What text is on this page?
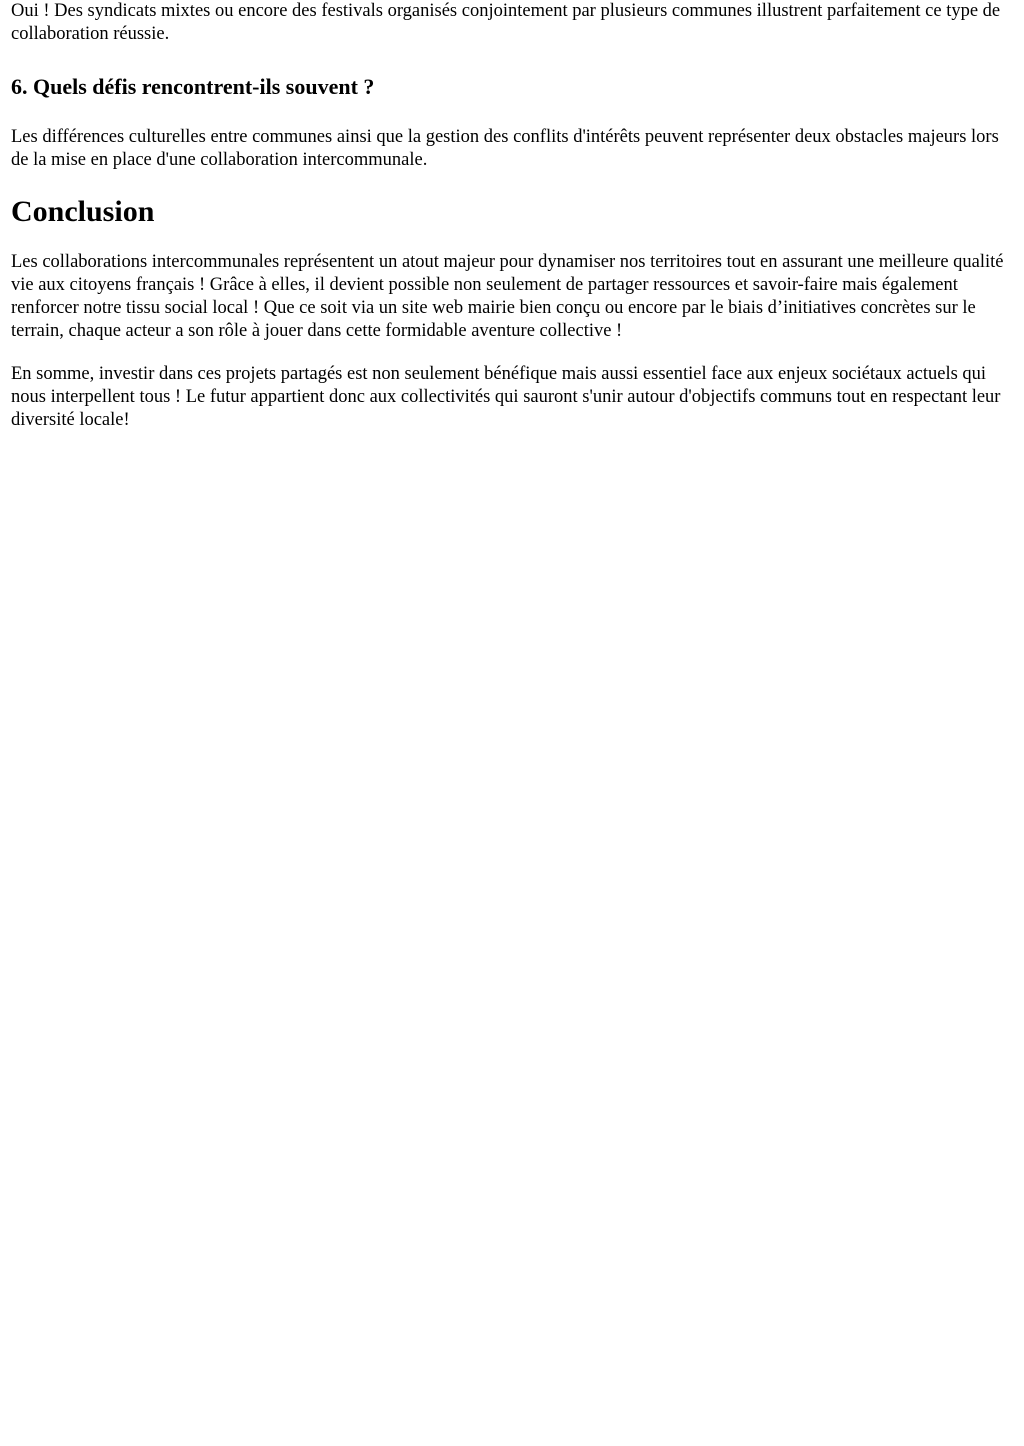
Oui ! Des syndicats mixtes ou encore des festivals organisés conjointement par plusieurs communes illustrent parfaitement ce type de collaboration réussie.

6. Quels défis rencontrent-ils souvent ?

Les différences culturelles entre communes ainsi que la gestion des conflits d'intérêts peuvent représenter deux obstacles majeurs lors de la mise en place d'une collaboration intercommunale.

Conclusion

Les collaborations intercommunales représentent un atout majeur pour dynamiser nos territoires tout en assurant une meilleure qualité vie aux citoyens français ! Grâce à elles, il devient possible non seulement de partager ressources et savoir-faire mais également renforcer notre tissu social local ! Que ce soit via un site web mairie bien conçu ou encore par le biais d’initiatives concrètes sur le terrain, chaque acteur a son rôle à jouer dans cette formidable aventure collective !

En somme, investir dans ces projets partagés est non seulement bénéfique mais aussi essentiel face aux enjeux sociétaux actuels qui nous interpellent tous ! Le futur appartient donc aux collectivités qui sauront s'unir autour d'objectifs communs tout en respectant leur diversité locale!
